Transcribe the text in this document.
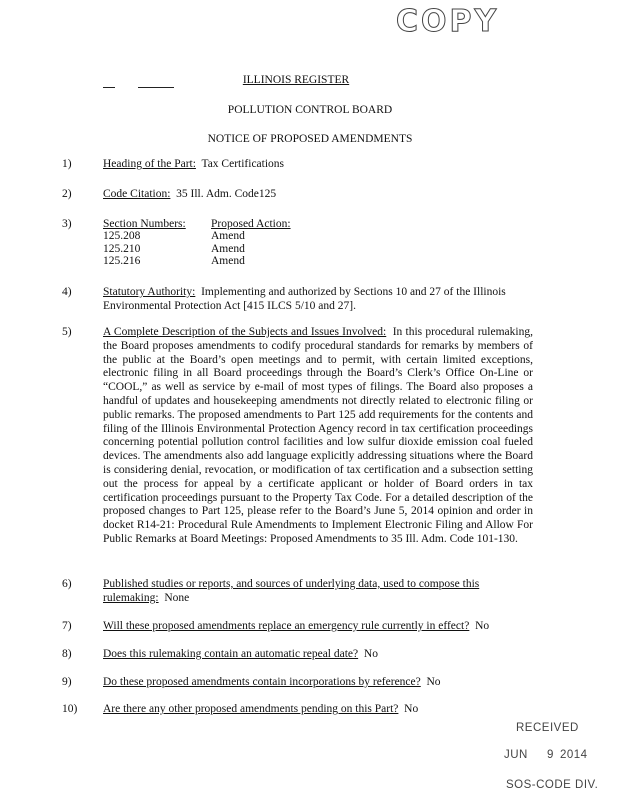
COPY
ILLINOIS REGISTER
POLLUTION CONTROL BOARD
NOTICE OF PROPOSED AMENDMENTS
1)	Heading of the Part: Tax Certifications
2)	Code Citation: 35 Ill. Adm. Code125
3)	Section Numbers: Proposed Action:
125.208	Amend
125.210	Amend
125.216	Amend
4)	Statutory Authority: Implementing and authorized by Sections 10 and 27 of the Illinois Environmental Protection Act [415 ILCS 5/10 and 27].
5)	A Complete Description of the Subjects and Issues Involved: In this procedural rulemaking, the Board proposes amendments to codify procedural standards for remarks by members of the public at the Board’s open meetings and to permit, with certain limited exceptions, electronic filing in all Board proceedings through the Board’s Clerk’s Office On-Line or “COOL,” as well as service by e-mail of most types of filings. The Board also proposes a handful of updates and housekeeping amendments not directly related to electronic filing or public remarks. The proposed amendments to Part 125 add requirements for the contents and filing of the Illinois Environmental Protection Agency record in tax certification proceedings concerning potential pollution control facilities and low sulfur dioxide emission coal fueled devices. The amendments also add language explicitly addressing situations where the Board is considering denial, revocation, or modification of tax certification and a subsection setting out the process for appeal by a certificate applicant or holder of Board orders in tax certification proceedings pursuant to the Property Tax Code. For a detailed description of the proposed changes to Part 125, please refer to the Board’s June 5, 2014 opinion and order in docket R14-21: Procedural Rule Amendments to Implement Electronic Filing and Allow For Public Remarks at Board Meetings: Proposed Amendments to 35 Ill. Adm. Code 101-130.
6)	Published studies or reports, and sources of underlying data, used to compose this rulemaking: None
7)	Will these proposed amendments replace an emergency rule currently in effect? No
8)	Does this rulemaking contain an automatic repeal date? No
9)	Do these proposed amendments contain incorporations by reference? No
10)	Are there any other proposed amendments pending on this Part? No
RECEIVED
JUN 9 2014
SOS-CODE DIV.
